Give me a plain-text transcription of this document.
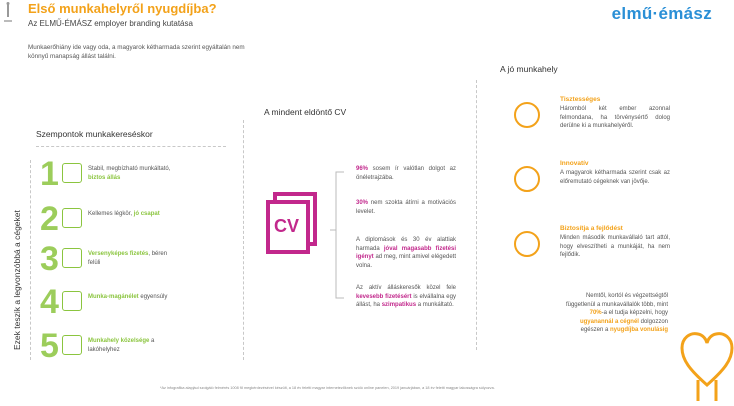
Első munkahelyről nyugdíjba?
Az ELMŰ-ÉMÁSZ employer branding kutatása
Munkaerőhiány ide vagy oda, a magyarok kétharmada szerint egyáltalán nem könnyű manapság állást találni.
elmű·émász
Szempontok munkakereséskor
A mindent eldöntő CV
A jó munkahely
Ezek teszik a legvonzóbbá a cégeket
1	Stabil, megbízható munkáltató, biztos állás
2	Kellemes légkör, jó csapat
3	Versenyképes fizetés, béren felüli
4	Munka-magánélet egyensúly
5	Munkahely közelsége a lakóhelyhez
CV
96% sosem ír valótlan dolgot az önéletrajzába.
30% nem szokta átírni a motivációs levelet.
A diplomások és 30 év alattiak harmada jóval magasabb fizetési igényt ad meg, mint amivel elégedett volna.
Az aktív álláskeresők közel fele kevesebb fizetésért is elvállalna egy állást, ha szimpatikus a munkáltató.
Tisztességes
Háromból két ember azonnal felmondana, ha törvénysértő dolog derülne ki a munkahelyéről.
Innovatív
A magyarok kétharmada szerint csak az előremutató cégeknek van jövője.
Biztosítja a fejlődést
Minden második munkavállaló tart attól, hogy elveszítheti a munkáját, ha nem fejlődik.
Nemtől, kortól és végzettségtől függetlenül a munkavállalók több, mint 70%-a el tudja képzelni, hogy ugyanannál a cégnél dolgozzon egészen a nyugdíjba vonulásig
*Az infografika alapjául szolgáló felmérés 1008 fő megkérdezésével készült, a 18 év feletti magyar internetezőknek szóló online panelen, 2019 januárjában, a 18 év feletti magyar lakosságra súlyozva.
